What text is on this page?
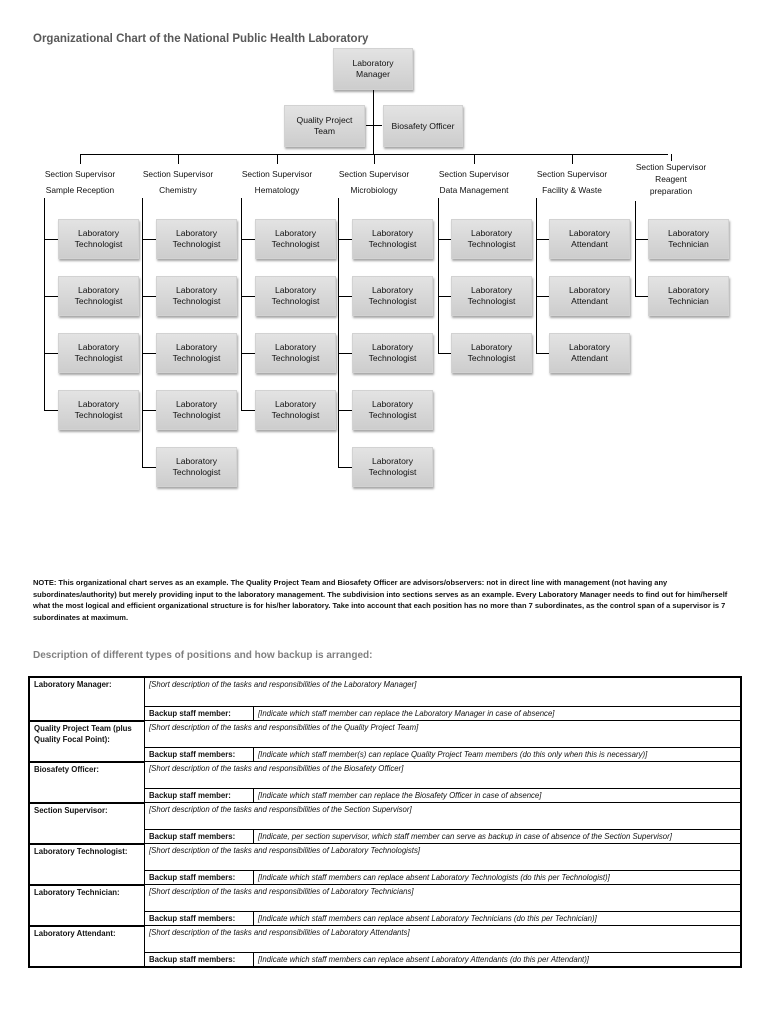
Organizational Chart of the National Public Health Laboratory
Laboratory Manager
Quality Project Team
Biosafety Officer
Section Supervisor
Sample Reception
Laboratory Technologist
Laboratory Technologist
Laboratory Technologist
Laboratory Technologist
Section Supervisor
Chemistry
Laboratory Technologist
Laboratory Technologist
Laboratory Technologist
Laboratory Technologist
Laboratory Technologist
Section Supervisor
Hematology
Laboratory Technologist
Laboratory Technologist
Laboratory Technologist
Laboratory Technologist
Section Supervisor
Microbiology
Laboratory Technologist
Laboratory Technologist
Laboratory Technologist
Laboratory Technologist
Laboratory Technologist
Section Supervisor
Data Management
Laboratory Technologist
Laboratory Technologist
Laboratory Technologist
Section Supervisor
Facility & Waste
Laboratory Attendant
Laboratory Attendant
Laboratory Attendant
Section Supervisor
Reagent preparation
Laboratory Technician
Laboratory Technician
NOTE: This organizational chart serves as an example. The Quality Project Team and Biosafety Officer are advisors/observers: not in direct line with management (not having any subordinates/authority) but merely providing input to the laboratory management. The subdivision into sections serves as an example. Every Laboratory Manager needs to find out for him/herself what the most logical and efficient organizational structure is for his/her laboratory. Take into account that each position has no more than 7 subordinates, as the control span of a supervisor is 7 subordinates at maximum.
Description of different types of positions and how backup is arranged:
Laboratory Manager:	[Short description of the tasks and responsibilities of the Laboratory Manager]	
	Backup staff member:	[Indicate which staff member can replace the Laboratory Manager in case of absence]
Quality Project Team (plus Quality Focal Point):	[Short description of the tasks and responsibilities of the Quality Project Team]	
	Backup staff members:	[Indicate which staff member(s) can replace Quality Project Team members (do this only when this is necessary)]
Biosafety Officer:	[Short description of the tasks and responsibilities of the Biosafety Officer]	
	Backup staff member:	[Indicate which staff member can replace the Biosafety Officer in case of absence]
Section Supervisor:	[Short description of the tasks and responsibilities of the Section Supervisor]	
	Backup staff members:	[Indicate, per section supervisor, which staff member can serve as backup in case of absence of the Section Supervisor]
Laboratory Technologist:	[Short description of the tasks and responsibilities of Laboratory Technologists]	
	Backup staff members:	[Indicate which staff members can replace absent Laboratory Technologists (do this per Technologist)]
Laboratory Technician:	[Short description of the tasks and responsibilities of Laboratory Technicians]	
	Backup staff members:	[Indicate which staff members can replace absent Laboratory Technicians (do this per Technician)]
Laboratory Attendant:	[Short description of the tasks and responsibilities of Laboratory Attendants]	
	Backup staff members:	[Indicate which staff members can replace absent Laboratory Attendants (do this per Attendant)]
